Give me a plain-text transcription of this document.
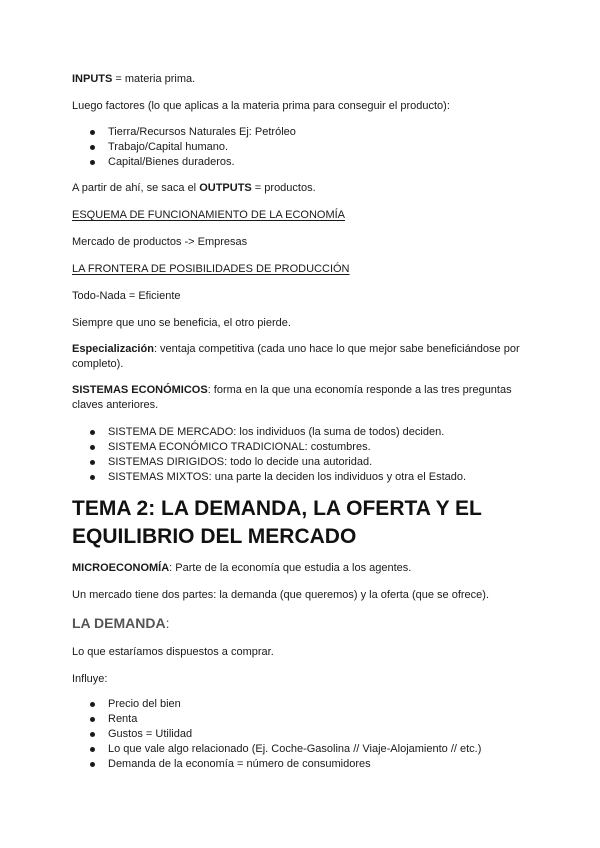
INPUTS = materia prima.
Luego factores (lo que aplicas a la materia prima para conseguir el producto):
Tierra/Recursos Naturales Ej: Petróleo
Trabajo/Capital humano.
Capital/Bienes duraderos.
A partir de ahí, se saca el OUTPUTS = productos.
ESQUEMA DE FUNCIONAMIENTO DE LA ECONOMÍA
Mercado de productos -> Empresas
LA FRONTERA DE POSIBILIDADES DE PRODUCCIÓN
Todo-Nada = Eficiente
Siempre que uno se beneficia, el otro pierde.
Especialización: ventaja competitiva (cada uno hace lo que mejor sabe beneficiándose por completo).
SISTEMAS ECONÓMICOS: forma en la que una economía responde a las tres preguntas claves anteriores.
SISTEMA DE MERCADO: los individuos (la suma de todos) deciden.
SISTEMA ECONÓMICO TRADICIONAL: costumbres.
SISTEMAS DIRIGIDOS: todo lo decide una autoridad.
SISTEMAS MIXTOS: una parte la deciden los individuos y otra el Estado.
TEMA 2: LA DEMANDA, LA OFERTA Y EL
EQUILIBRIO DEL MERCADO
MICROECONOMÍA: Parte de la economía que estudia a los agentes.
Un mercado tiene dos partes: la demanda (que queremos) y la oferta (que se ofrece).
LA DEMANDA:
Lo que estaríamos dispuestos a comprar.
Influye:
Precio del bien
Renta
Gustos = Utilidad
Lo que vale algo relacionado (Ej. Coche-Gasolina // Viaje-Alojamiento // etc.)
Demanda de la economía = número de consumidores
